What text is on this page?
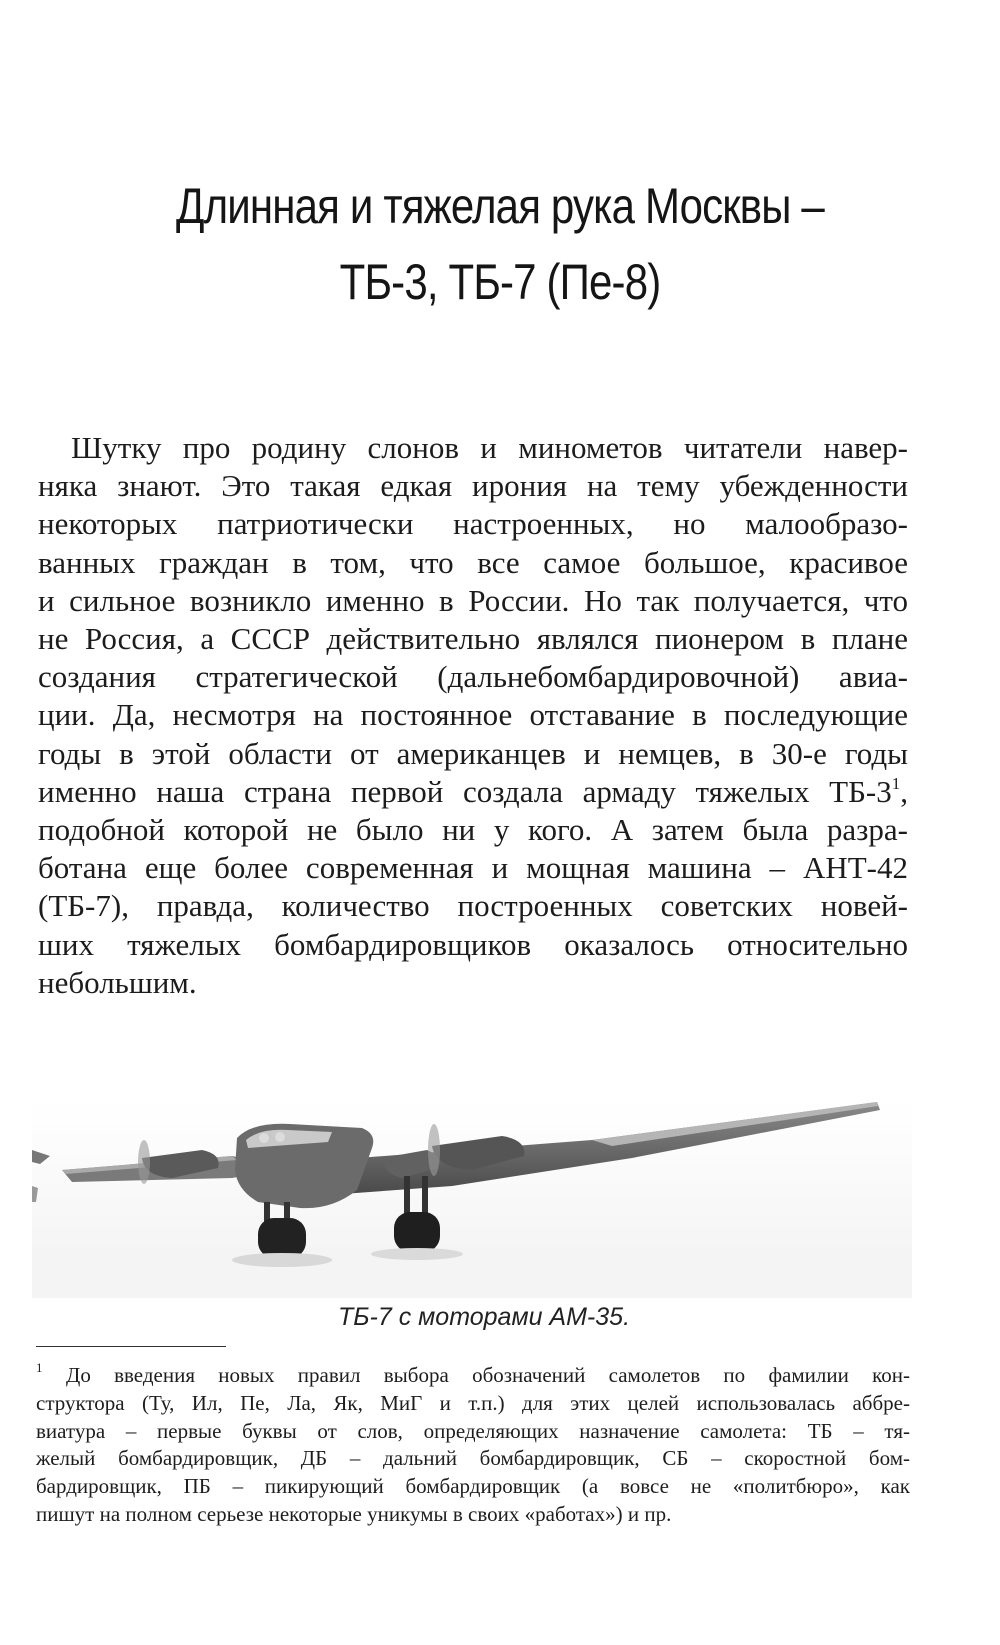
Длинная и тяжелая рука Москвы –
ТБ-3, ТБ-7 (Пе-8)
Шутку про родину слонов и минометов читатели навер-
няка знают. Это такая едкая ирония на тему убежденности
некоторых патриотически настроенных, но малообразо-
ванных граждан в том, что все самое большое, красивое
и сильное возникло именно в России. Но так получается, что
не Россия, а СССР действительно являлся пионером в плане
создания стратегической (дальнебомбардировочной) авиа-
ции. Да, несмотря на постоянное отставание в последующие
годы в этой области от американцев и немцев, в 30-е годы
именно наша страна первой создала армаду тяжелых $ТБ-3^1$,
подобной которой не было ни у кого. А затем была разра-
ботана еще более современная и мощная машина – АНТ-42
(ТБ-7), правда, количество построенных советских новей-
ших тяжелых бомбардировщиков оказалось относительно
небольшим.
ТБ-7 с моторами АМ-35.
1	До введения новых правил выбора обозначений самолетов по фамилии кон-
структора (Ту, Ил, Пе, Ла, Як, МиГ и т.п.) для этих целей использовалась аббре-
виатура – первые буквы от слов, определяющих назначение самолета: ТБ – тя-
желый бомбардировщик, ДБ – дальний бомбардировщик, СБ – скоростной бом-
бардировщик, ПБ – пикирующий бомбардировщик (а вовсе не «политбюро», как
пишут на полном серьезе некоторые уникумы в своих «работах») и пр.
